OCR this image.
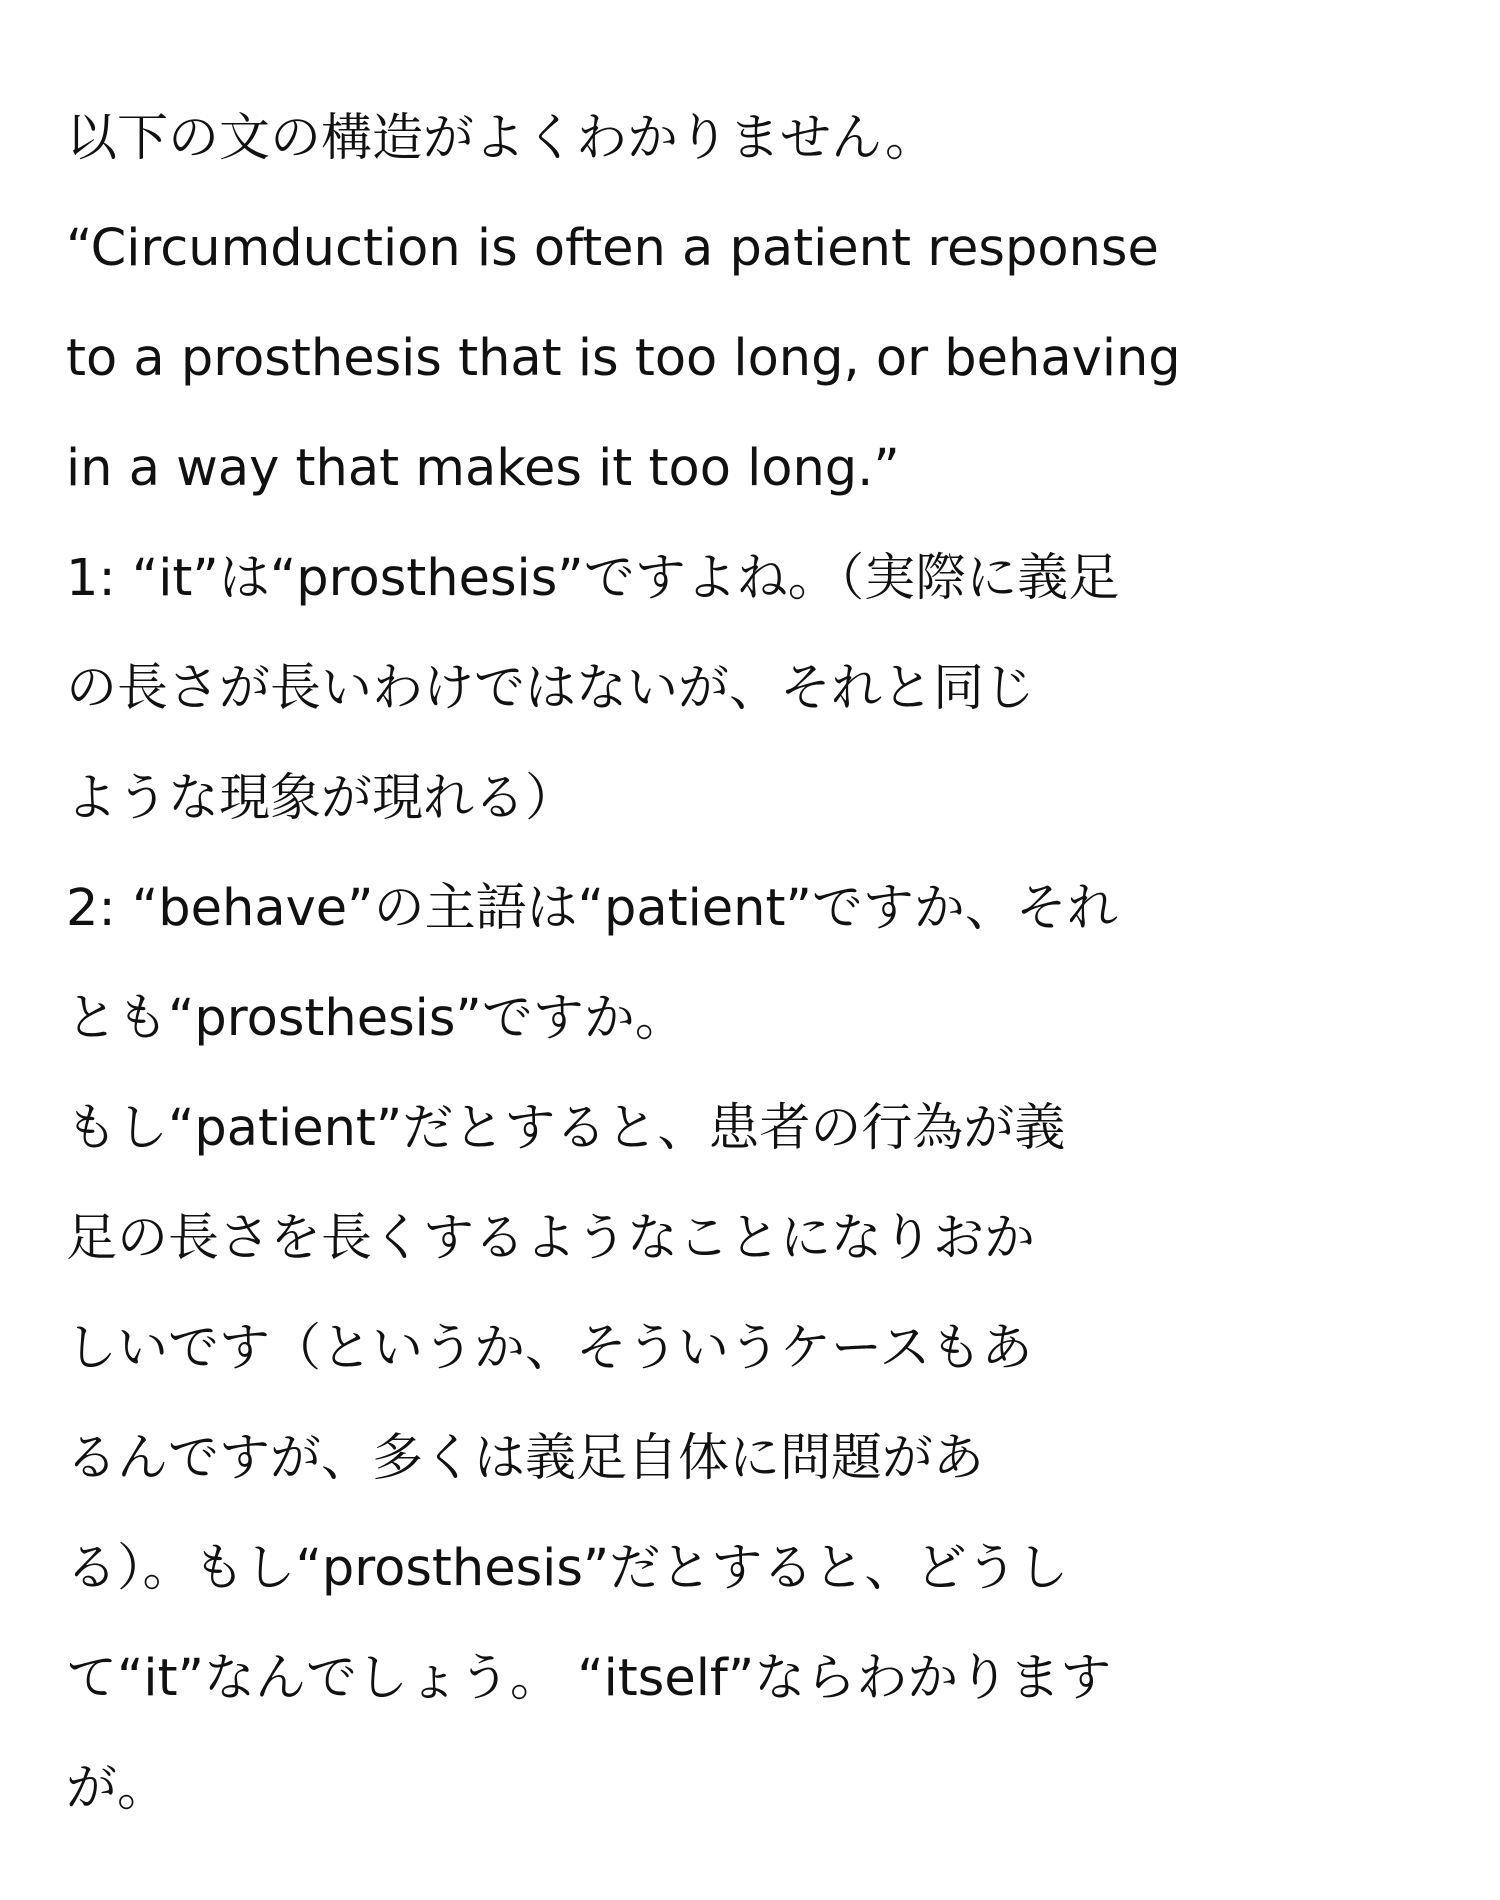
以下の文の構造がよくわかりません。
“Circumduction is often a patient response
to a prosthesis that is too long, or behaving
in a way that makes it too long.”
1: “it”は“prosthesis”ですよね。（実際に義足
の長さが長いわけではないが、それと同じ
ような現象が現れる）
2: “behave”の主語は“patient”ですか、それ
とも“prosthesis”ですか。
もし“patient”だとすると、患者の行為が義
足の長さを長くするようなことになりおか
しいです（というか、そういうケースもあ
るんですが、多くは義足自体に問題があ
る）。もし“prosthesis”だとすると、どうし
て“it”なんでしょう。 “itself”ならわかります
が。
